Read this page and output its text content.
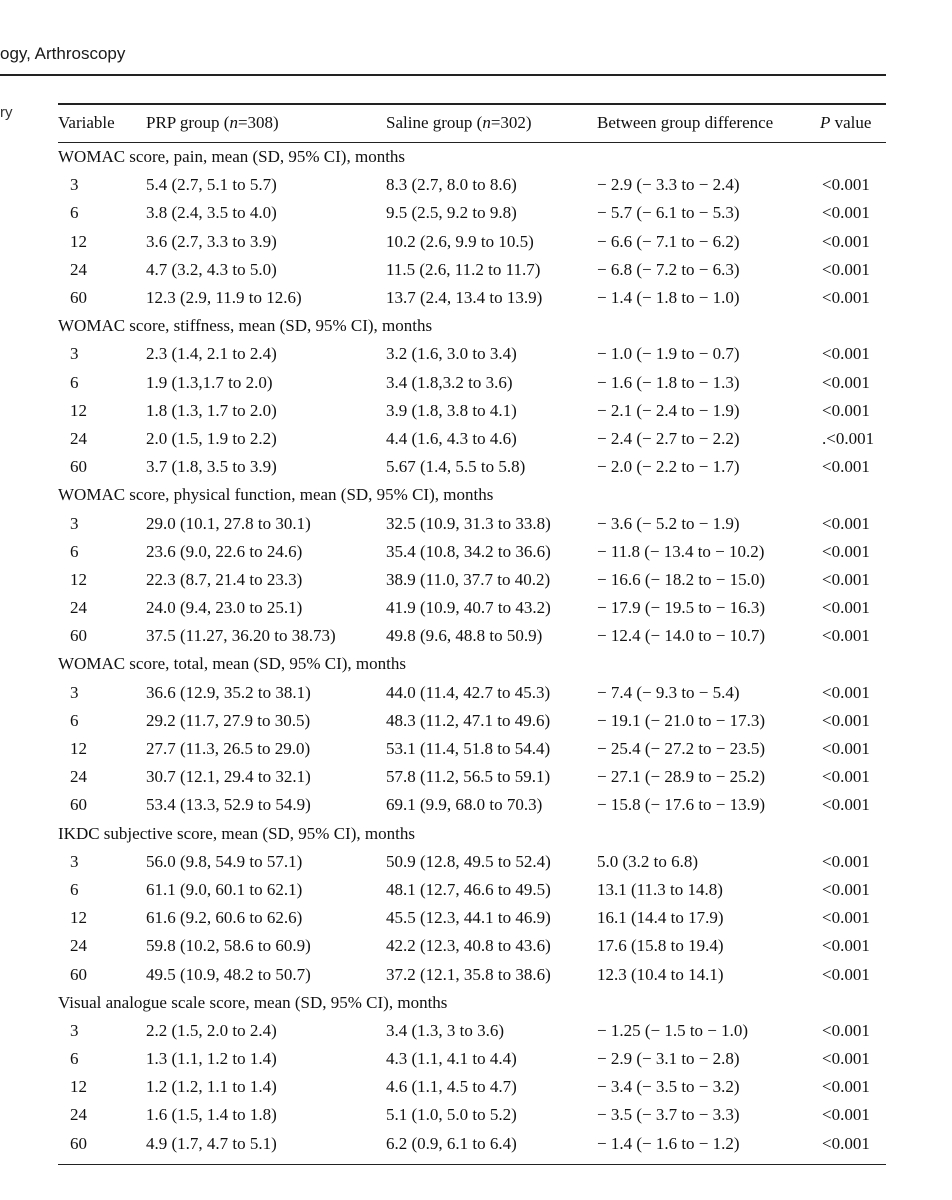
ogy, Arthroscopy
ry
Variable	PRP group (n=308)	Saline group (n=302)	Between group difference	P value

WOMAC score, pain, mean (SD, 95% CI), months				
3	5.4 (2.7, 5.1 to 5.7)	8.3 (2.7, 8.0 to 8.6)	− 2.9 (− 3.3 to − 2.4)	<0.001
6	3.8 (2.4, 3.5 to 4.0)	9.5 (2.5, 9.2 to 9.8)	− 5.7 (− 6.1 to − 5.3)	<0.001
12	3.6 (2.7, 3.3 to 3.9)	10.2 (2.6, 9.9 to 10.5)	− 6.6 (− 7.1 to − 6.2)	<0.001
24	4.7 (3.2, 4.3 to 5.0)	11.5 (2.6, 11.2 to 11.7)	− 6.8 (− 7.2 to − 6.3)	<0.001
60	12.3 (2.9, 11.9 to 12.6)	13.7 (2.4, 13.4 to 13.9)	− 1.4 (− 1.8 to − 1.0)	<0.001
WOMAC score, stiffness, mean (SD, 95% CI), months				
3	2.3 (1.4, 2.1 to 2.4)	3.2 (1.6, 3.0 to 3.4)	− 1.0 (− 1.9 to − 0.7)	<0.001
6	1.9 (1.3,1.7 to 2.0)	3.4 (1.8,3.2 to 3.6)	− 1.6 (− 1.8 to − 1.3)	<0.001
12	1.8 (1.3, 1.7 to 2.0)	3.9 (1.8, 3.8 to 4.1)	− 2.1 (− 2.4 to − 1.9)	<0.001
24	2.0 (1.5, 1.9 to 2.2)	4.4 (1.6, 4.3 to 4.6)	− 2.4 (− 2.7 to − 2.2)	.<0.001
60	3.7 (1.8, 3.5 to 3.9)	5.67 (1.4, 5.5 to 5.8)	− 2.0 (− 2.2 to − 1.7)	<0.001
WOMAC score, physical function, mean (SD, 95% CI), months				
3	29.0 (10.1, 27.8 to 30.1)	32.5 (10.9, 31.3 to 33.8)	− 3.6 (− 5.2 to − 1.9)	<0.001
6	23.6 (9.0, 22.6 to 24.6)	35.4 (10.8, 34.2 to 36.6)	− 11.8 (− 13.4 to − 10.2)	<0.001
12	22.3 (8.7, 21.4 to 23.3)	38.9 (11.0, 37.7 to 40.2)	− 16.6 (− 18.2 to − 15.0)	<0.001
24	24.0 (9.4, 23.0 to 25.1)	41.9 (10.9, 40.7 to 43.2)	− 17.9 (− 19.5 to − 16.3)	<0.001
60	37.5 (11.27, 36.20 to 38.73)	49.8 (9.6, 48.8 to 50.9)	− 12.4 (− 14.0 to − 10.7)	<0.001
WOMAC score, total, mean (SD, 95% CI), months				
3	36.6 (12.9, 35.2 to 38.1)	44.0 (11.4, 42.7 to 45.3)	− 7.4 (− 9.3 to − 5.4)	<0.001
6	29.2 (11.7, 27.9 to 30.5)	48.3 (11.2, 47.1 to 49.6)	− 19.1 (− 21.0 to − 17.3)	<0.001
12	27.7 (11.3, 26.5 to 29.0)	53.1 (11.4, 51.8 to 54.4)	− 25.4 (− 27.2 to − 23.5)	<0.001
24	30.7 (12.1, 29.4 to 32.1)	57.8 (11.2, 56.5 to 59.1)	− 27.1 (− 28.9 to − 25.2)	<0.001
60	53.4 (13.3, 52.9 to 54.9)	69.1 (9.9, 68.0 to 70.3)	− 15.8 (− 17.6 to − 13.9)	<0.001
IKDC subjective score, mean (SD, 95% CI), months				
3	56.0 (9.8, 54.9 to 57.1)	50.9 (12.8, 49.5 to 52.4)	5.0 (3.2 to 6.8)	<0.001
6	61.1 (9.0, 60.1 to 62.1)	48.1 (12.7, 46.6 to 49.5)	13.1 (11.3 to 14.8)	<0.001
12	61.6 (9.2, 60.6 to 62.6)	45.5 (12.3, 44.1 to 46.9)	16.1 (14.4 to 17.9)	<0.001
24	59.8 (10.2, 58.6 to 60.9)	42.2 (12.3, 40.8 to 43.6)	17.6 (15.8 to 19.4)	<0.001
60	49.5 (10.9, 48.2 to 50.7)	37.2 (12.1, 35.8 to 38.6)	12.3 (10.4 to 14.1)	<0.001
Visual analogue scale score, mean (SD, 95% CI), months				
3	2.2 (1.5, 2.0 to 2.4)	3.4 (1.3, 3 to 3.6)	− 1.25 (− 1.5 to − 1.0)	<0.001
6	1.3 (1.1, 1.2 to 1.4)	4.3 (1.1, 4.1 to 4.4)	− 2.9 (− 3.1 to − 2.8)	<0.001
12	1.2 (1.2, 1.1 to 1.4)	4.6 (1.1, 4.5 to 4.7)	− 3.4 (− 3.5 to − 3.2)	<0.001
24	1.6 (1.5, 1.4 to 1.8)	5.1 (1.0, 5.0 to 5.2)	− 3.5 (− 3.7 to − 3.3)	<0.001
60	4.9 (1.7, 4.7 to 5.1)	6.2 (0.9, 6.1 to 6.4)	− 1.4 (− 1.6 to − 1.2)	<0.001
